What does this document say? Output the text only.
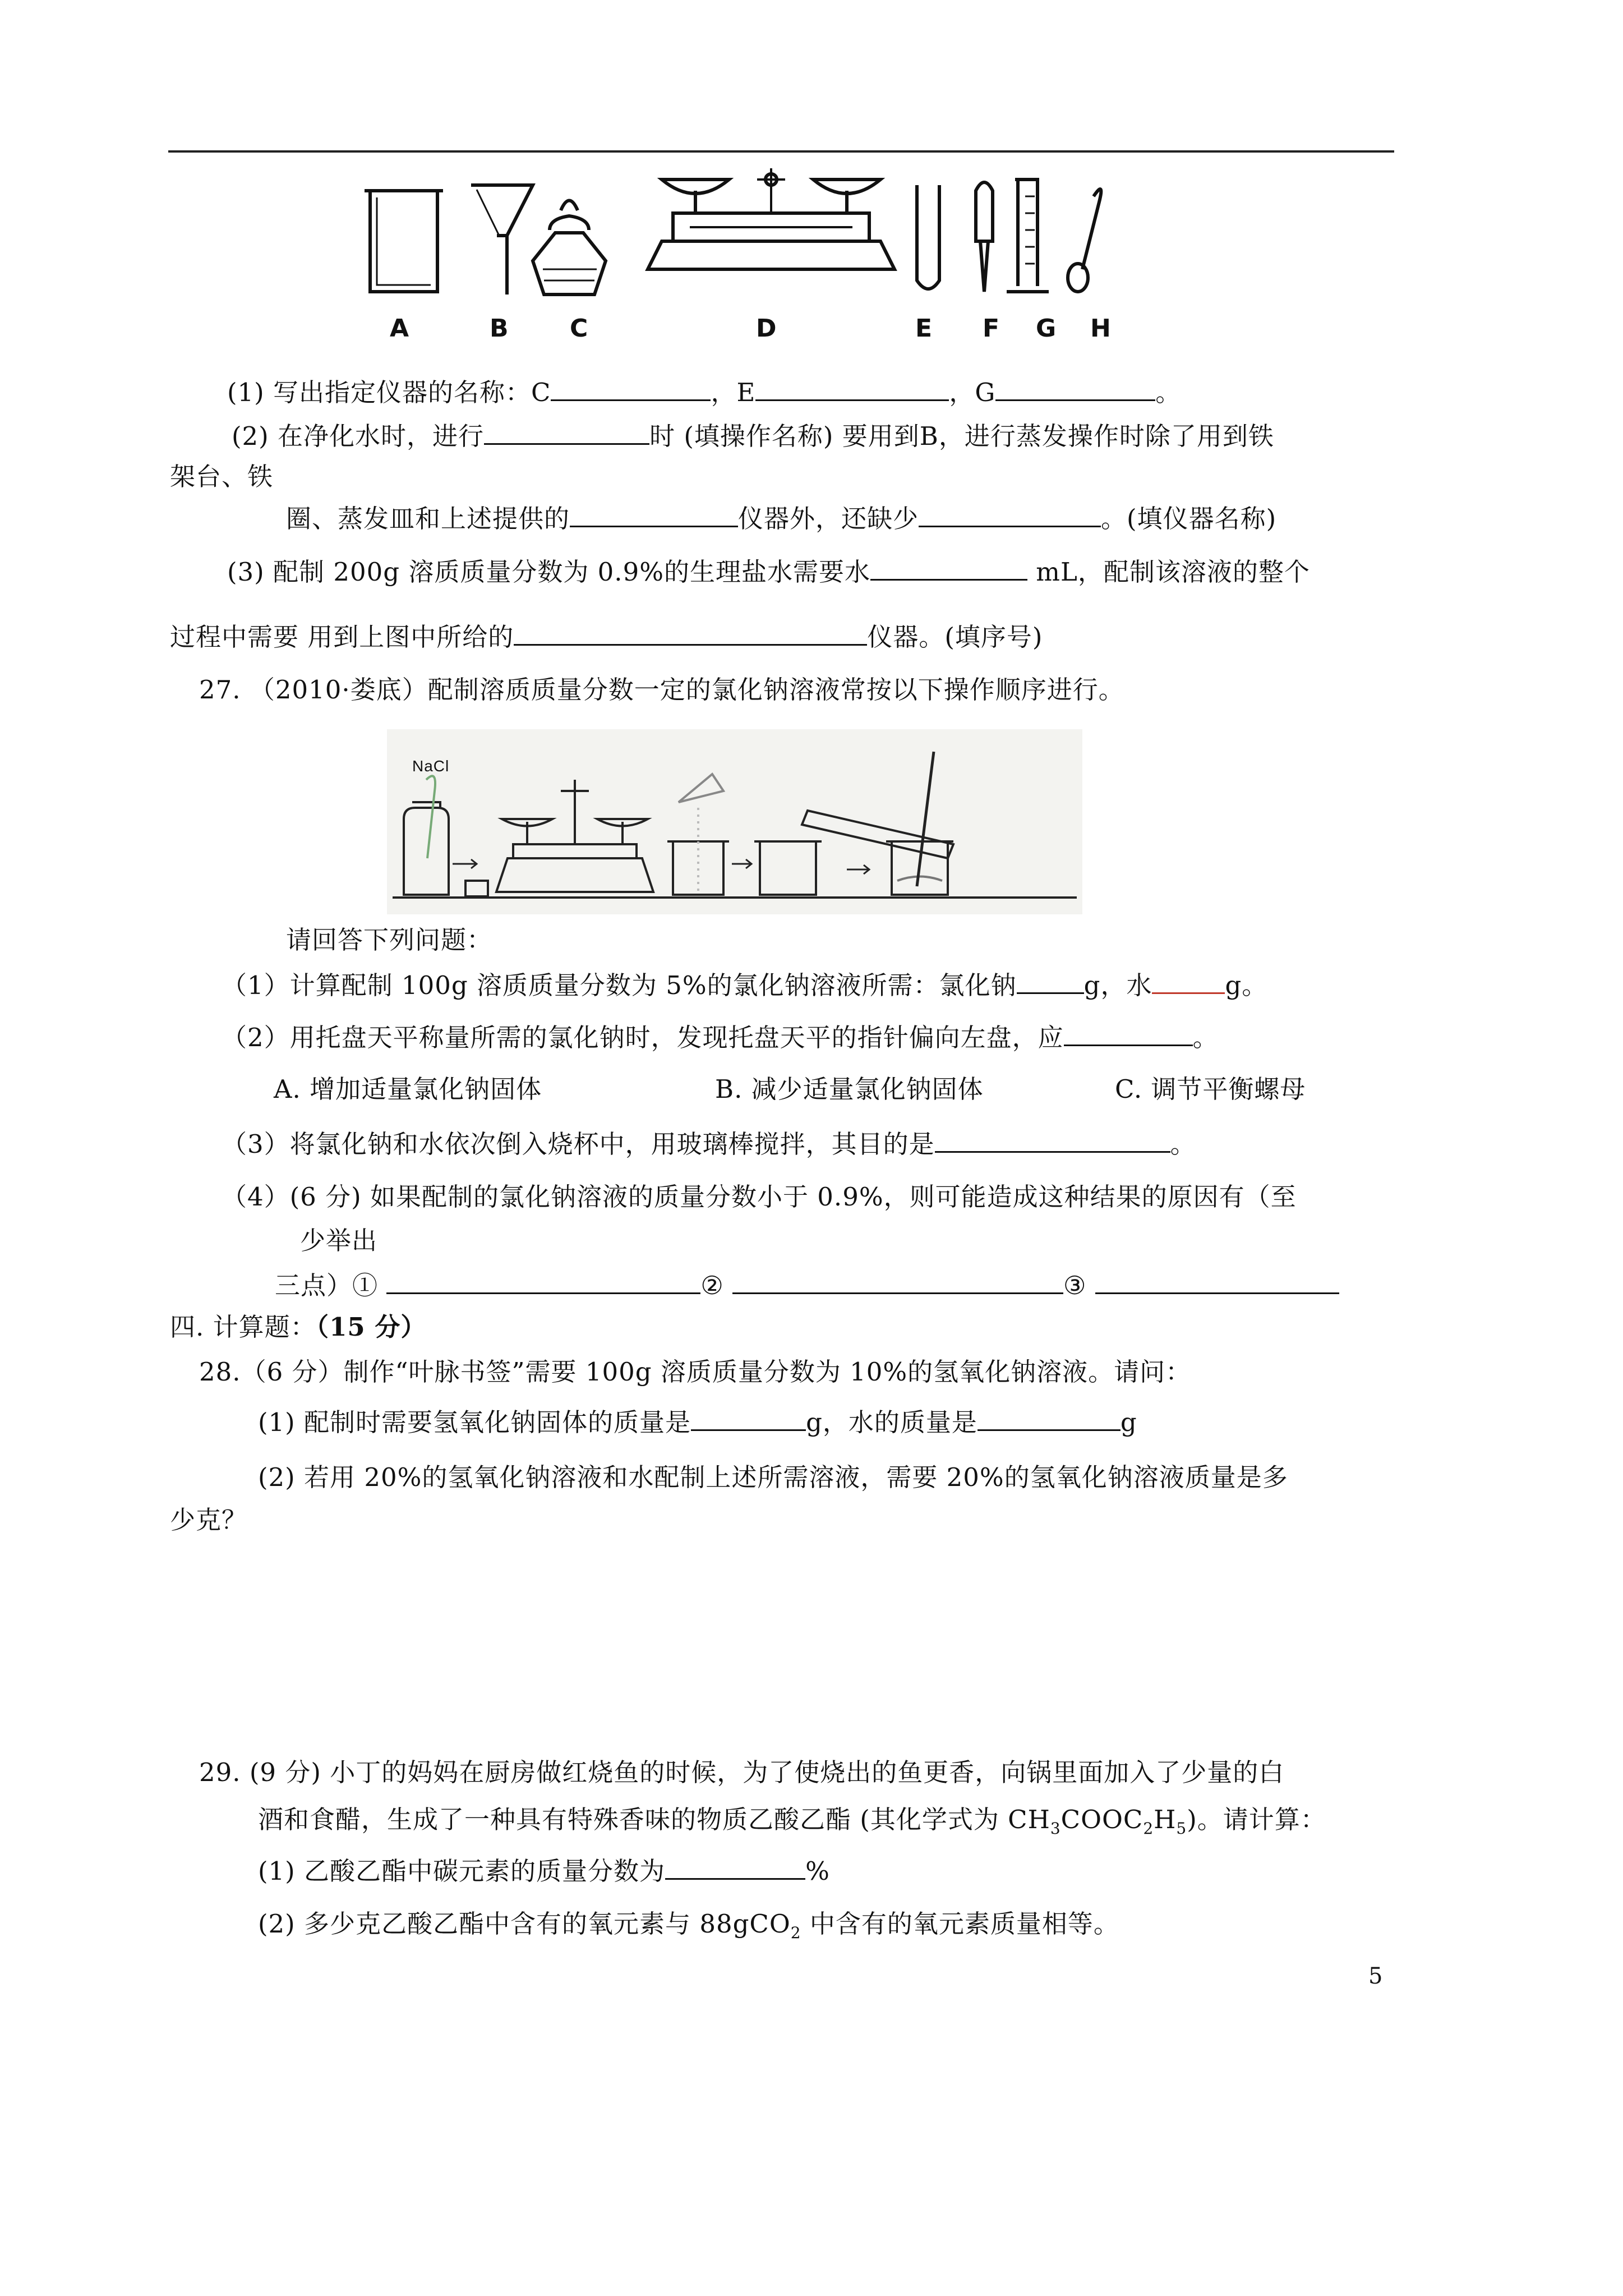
A	B C	D	E F G H
(1) 写出指定仪器的名称：C	，E	，G	。
(2) 在净化水时，进行	时 (填操作名称) 要用到B，进行蒸发操作时除了用到铁
架台、铁
圈、蒸发皿和上述提供的	仪器外，还缺少	。(填仪器名称)
(3) 配制 200g 溶质质量分数为 0.9%的生理盐水需要水	mL，配制该溶液的整个
过程中需要 用到上图中所给的	仪器。(填序号)
27. （2010·娄底）配制溶质质量分数一定的氯化钠溶液常按以下操作顺序进行。
NaCl
请回答下列问题：
（1）计算配制 100g 溶质质量分数为 5%的氯化钠溶液所需：氯化钠	g，水	g。
（2）用托盘天平称量所需的氯化钠时，发现托盘天平的指针偏向左盘，应	。
A. 增加适量氯化钠固体	B. 减少适量氯化钠固体	C. 调节平衡螺母
（3）将氯化钠和水依次倒入烧杯中，用玻璃棒搅拌，其目的是	。
（4）(6 分) 如果配制的氯化钠溶液的质量分数小于 0.9%，则可能造成这种结果的原因有（至
少举出
三点）①	②	③
四. 计算题：（15 分）
28.（6 分）制作“叶脉书签”需要 100g 溶质质量分数为 10%的氢氧化钠溶液。请问：
(1) 配制时需要氢氧化钠固体的质量是	g，水的质量是	g
(2) 若用 20%的氢氧化钠溶液和水配制上述所需溶液，需要 20%的氢氧化钠溶液质量是多
少克？
29. (9 分) 小丁的妈妈在厨房做红烧鱼的时候，为了使烧出的鱼更香，向锅里面加入了少量的白
酒和食醋，生成了一种具有特殊香味的物质乙酸乙酯 (其化学式为 $CH_3COOC_2H_5$)。请计算：
(1) 乙酸乙酯中碳元素的质量分数为	%
(2) 多少克乙酸乙酯中含有的氧元素与 88gCO$_2$ 中含有的氧元素质量相等。
5
